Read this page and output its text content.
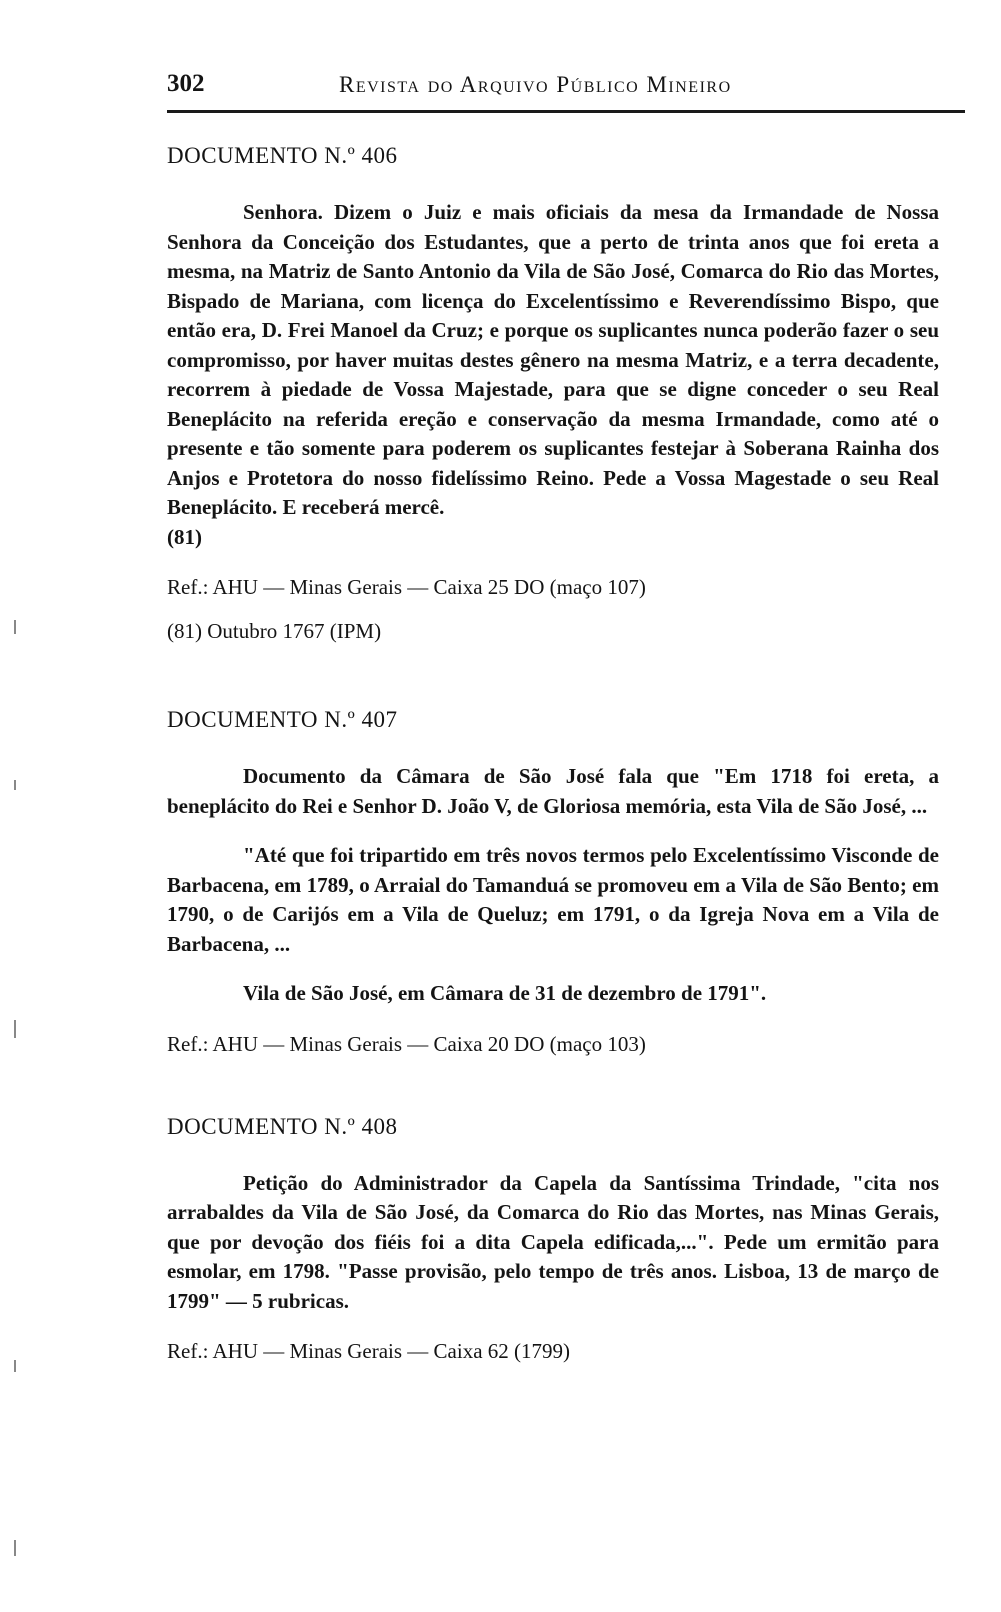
302	Revista do Arquivo Público Mineiro
DOCUMENTO N.º 406

Senhora. Dizem o Juiz e mais oficiais da mesa da Irmandade de Nossa Senhora da Conceição dos Estudantes, que a perto de trinta anos que foi ereta a mesma, na Matriz de Santo Antonio da Vila de São José, Comarca do Rio das Mortes, Bispado de Mariana, com licença do Excelentíssimo e Reverendíssimo Bispo, que então era, D. Frei Manoel da Cruz; e porque os suplicantes nunca poderão fazer o seu compromisso, por haver muitas destes gênero na mesma Matriz, e a terra decadente, recorrem à piedade de Vossa Majestade, para que se digne conceder o seu Real Beneplácito na referida ereção e conservação da mesma Irmandade, como até o presente e tão somente para poderem os suplicantes festejar à Soberana Rainha dos Anjos e Protetora do nosso fidelíssimo Reino. Pede a Vossa Magestade o seu Real Beneplácito. E receberá mercê.

(81)

Ref.: AHU — Minas Gerais — Caixa 25 DO (maço 107)

(81) Outubro 1767 (IPM)

DOCUMENTO N.º 407

Documento da Câmara de São José fala que "Em 1718 foi ereta, a beneplácito do Rei e Senhor D. João V, de Gloriosa memória, esta Vila de São José, ...

"Até que foi tripartido em três novos termos pelo Excelentíssimo Visconde de Barbacena, em 1789, o Arraial do Tamanduá se promoveu em a Vila de São Bento; em 1790, o de Carijós em a Vila de Queluz; em 1791, o da Igreja Nova em a Vila de Barbacena, ...

Vila de São José, em Câmara de 31 de dezembro de 1791".

Ref.: AHU — Minas Gerais — Caixa 20 DO (maço 103)

DOCUMENTO N.º 408

Petição do Administrador da Capela da Santíssima Trindade, "cita nos arrabaldes da Vila de São José, da Comarca do Rio das Mortes, nas Minas Gerais, que por devoção dos fiéis foi a dita Capela edificada,...". Pede um ermitão para esmolar, em 1798. "Passe provisão, pelo tempo de três anos. Lisboa, 13 de março de 1799" — 5 rubricas.

Ref.: AHU — Minas Gerais — Caixa 62 (1799)
